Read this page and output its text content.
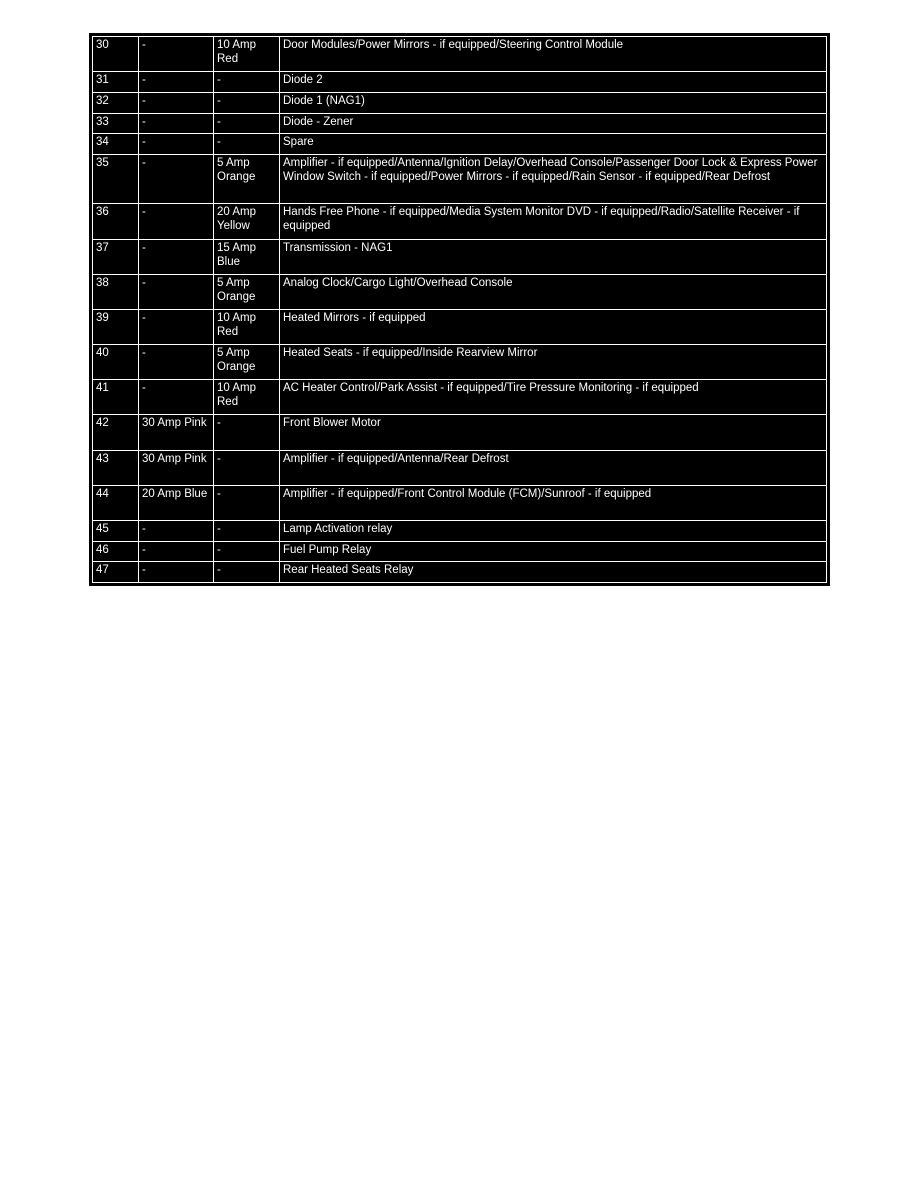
30	-	10 Amp Red	Door Modules/Power Mirrors - if equipped/Steering Control Module
31	-	-	Diode 2
32	-	-	Diode 1 (NAG1)
33	-	-	Diode - Zener
34	-	-	Spare
35	-	5 Amp Orange	Amplifier - if equipped/Antenna/Ignition Delay/Overhead Console/Passenger Door Lock & Express Power Window Switch - if equipped/Power Mirrors - if equipped/Rain Sensor - if equipped/Rear Defrost
36	-	20 Amp Yellow	Hands Free Phone - if equipped/Media System Monitor DVD - if equipped/Radio/Satellite Receiver - if equipped
37	-	15 Amp Blue	Transmission - NAG1
38	-	5 Amp Orange	Analog Clock/Cargo Light/Overhead Console
39	-	10 Amp Red	Heated Mirrors - if equipped
40	-	5 Amp Orange	Heated Seats - if equipped/Inside Rearview Mirror
41	-	10 Amp Red	AC Heater Control/Park Assist - if equipped/Tire Pressure Monitoring - if equipped
42	30 Amp Pink	-	Front Blower Motor
43	30 Amp Pink	-	Amplifier - if equipped/Antenna/Rear Defrost
44	20 Amp Blue	-	Amplifier - if equipped/Front Control Module (FCM)/Sunroof - if equipped
45	-	-	Lamp Activation relay
46	-	-	Fuel Pump Relay
47	-	-	Rear Heated Seats Relay
